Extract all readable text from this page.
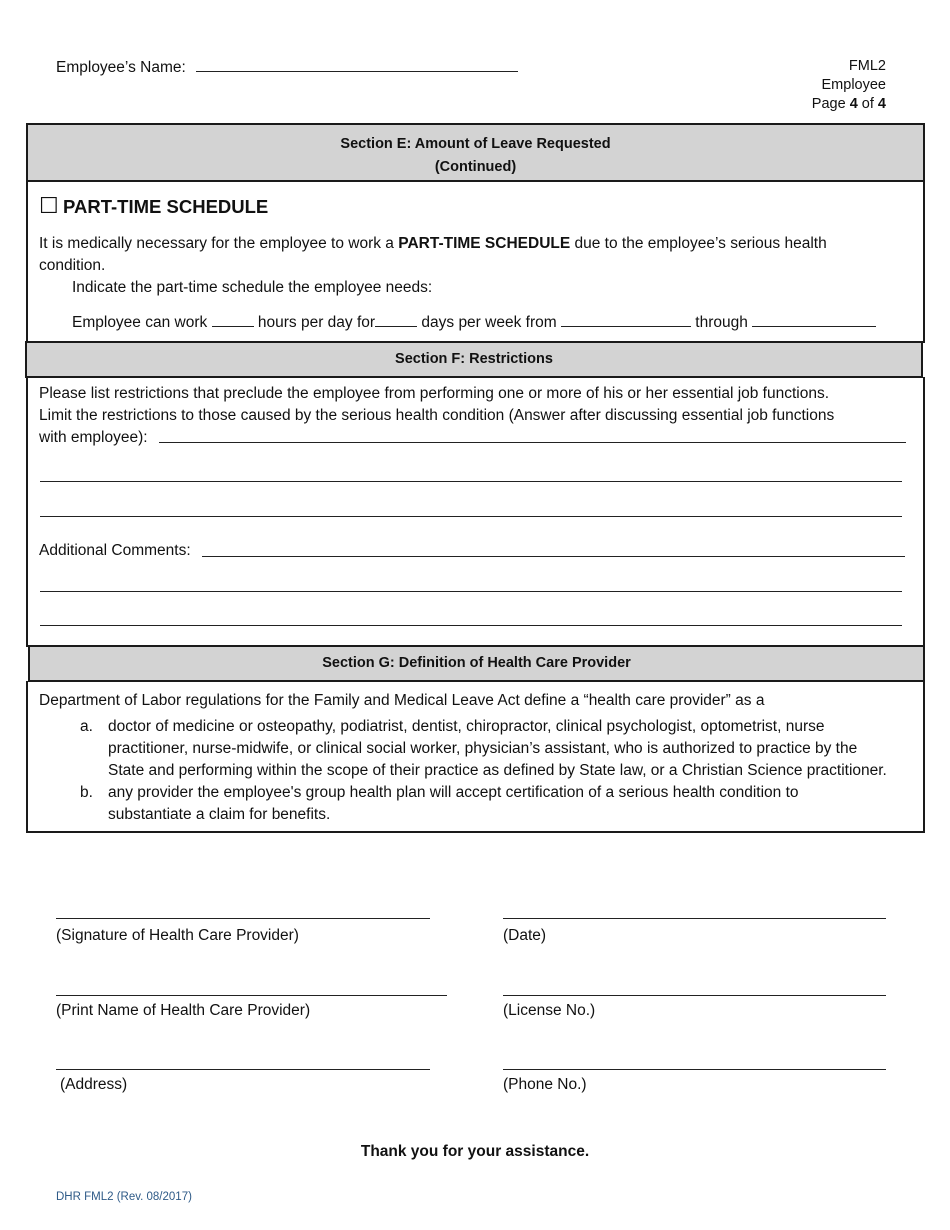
Employee’s Name:	FML2
Employee
Page 4 of 4
Section E: Amount of Leave Requested
(Continued)
☐ PART-TIME SCHEDULE
It is medically necessary for the employee to work a PART-TIME SCHEDULE due to the employee’s serious health
condition.
Indicate the part-time schedule the employee needs:
Employee can work	hours per day for	days per week from	through
Section F: Restrictions
Please list restrictions that preclude the employee from performing one or more of his or her essential job functions.
Limit the restrictions to those caused by the serious health condition (Answer after discussing essential job functions
with employee):
Additional Comments:
Section G: Definition of Health Care Provider
Department of Labor regulations for the Family and Medical Leave Act define a “health care provider” as a
a. doctor of medicine or osteopathy, podiatrist, dentist, chiropractor, clinical psychologist, optometrist, nurse
practitioner, nurse-midwife, or clinical social worker, physician’s assistant, who is authorized to practice by the
State and performing within the scope of their practice as defined by State law, or a Christian Science practitioner.
b. any provider the employee's group health plan will accept certification of a serious health condition to
substantiate a claim for benefits.
(Signature of Health Care Provider)	(Date)
(Print Name of Health Care Provider)	(License No.)
(Address)	(Phone No.)
Thank you for your assistance.
DHR FML2 (Rev. 08/2017)
